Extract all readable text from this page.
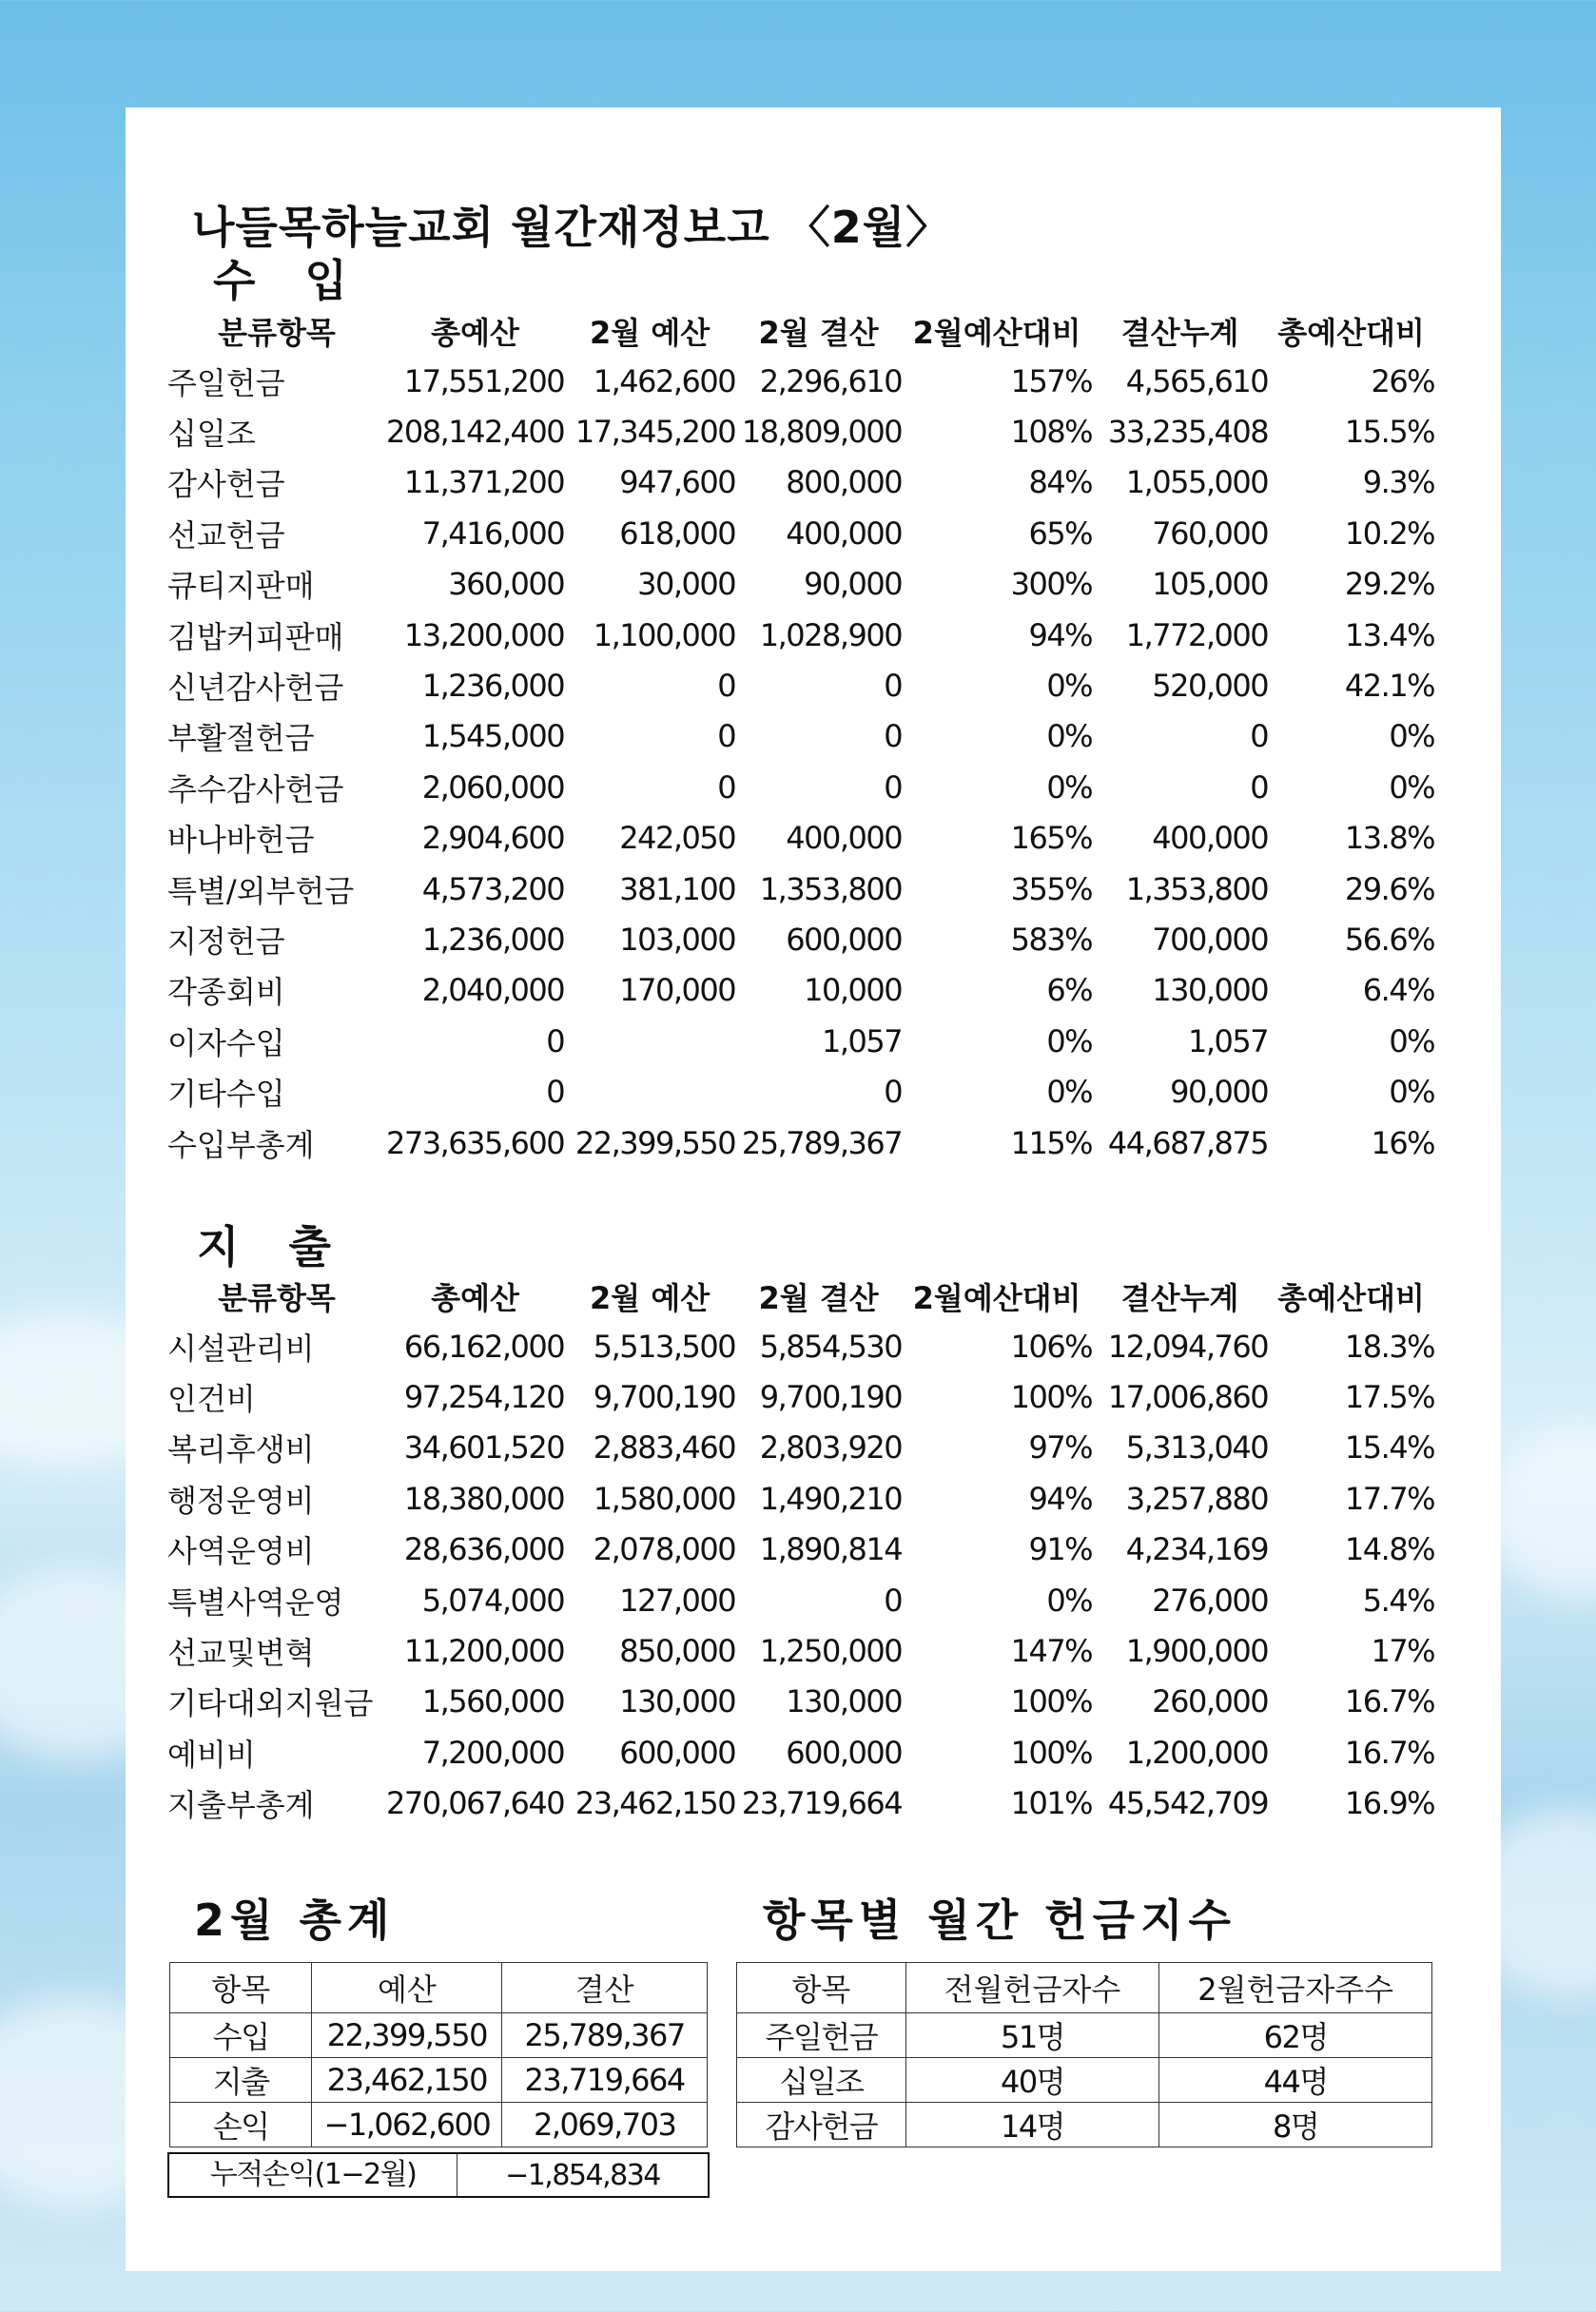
나들목하늘교회 월간재정보고 〈2월〉
수 입
분류항목	총예산	2월 예산	2월 결산	2월예산대비	결산누계	총예산대비
주일헌금	17,551,200	1,462,600	2,296,610	157%	4,565,610	26%
십일조	208,142,400	17,345,200	18,809,000	108%	33,235,408	15.5%
감사헌금	11,371,200	947,600	800,000	84%	1,055,000	9.3%
선교헌금	7,416,000	618,000	400,000	65%	760,000	10.2%
큐티지판매	360,000	30,000	90,000	300%	105,000	29.2%
김밥커피판매	13,200,000	1,100,000	1,028,900	94%	1,772,000	13.4%
신년감사헌금	1,236,000	0	0	0%	520,000	42.1%
부활절헌금	1,545,000	0	0	0%	0	0%
추수감사헌금	2,060,000	0	0	0%	0	0%
바나바헌금	2,904,600	242,050	400,000	165%	400,000	13.8%
특별/외부헌금	4,573,200	381,100	1,353,800	355%	1,353,800	29.6%
지정헌금	1,236,000	103,000	600,000	583%	700,000	56.6%
각종회비	2,040,000	170,000	10,000	6%	130,000	6.4%
이자수입	0		1,057	0%	1,057	0%
기타수입	0		0	0%	90,000	0%
수입부총계	273,635,600	22,399,550	25,789,367	115%	44,687,875	16%
지 출
분류항목	총예산	2월 예산	2월 결산	2월예산대비	결산누계	총예산대비
시설관리비	66,162,000	5,513,500	5,854,530	106%	12,094,760	18.3%
인건비	97,254,120	9,700,190	9,700,190	100%	17,006,860	17.5%
복리후생비	34,601,520	2,883,460	2,803,920	97%	5,313,040	15.4%
행정운영비	18,380,000	1,580,000	1,490,210	94%	3,257,880	17.7%
사역운영비	28,636,000	2,078,000	1,890,814	91%	4,234,169	14.8%
특별사역운영	5,074,000	127,000	0	0%	276,000	5.4%
선교및변혁	11,200,000	850,000	1,250,000	147%	1,900,000	17%
기타대외지원금	1,560,000	130,000	130,000	100%	260,000	16.7%
예비비	7,200,000	600,000	600,000	100%	1,200,000	16.7%
지출부총계	270,067,640	23,462,150	23,719,664	101%	45,542,709	16.9%
2월 총계	항목별 월간 헌금지수
항목	예산	결산
수입	22,399,550	25,789,367
지출	23,462,150	23,719,664
손익	−1,062,600	2,069,703
누적손익(1−2월)	−1,854,834
항목	전월헌금자수	2월헌금자주수
주일헌금	51명	62명
십일조	40명	44명
감사헌금	14명	8명
